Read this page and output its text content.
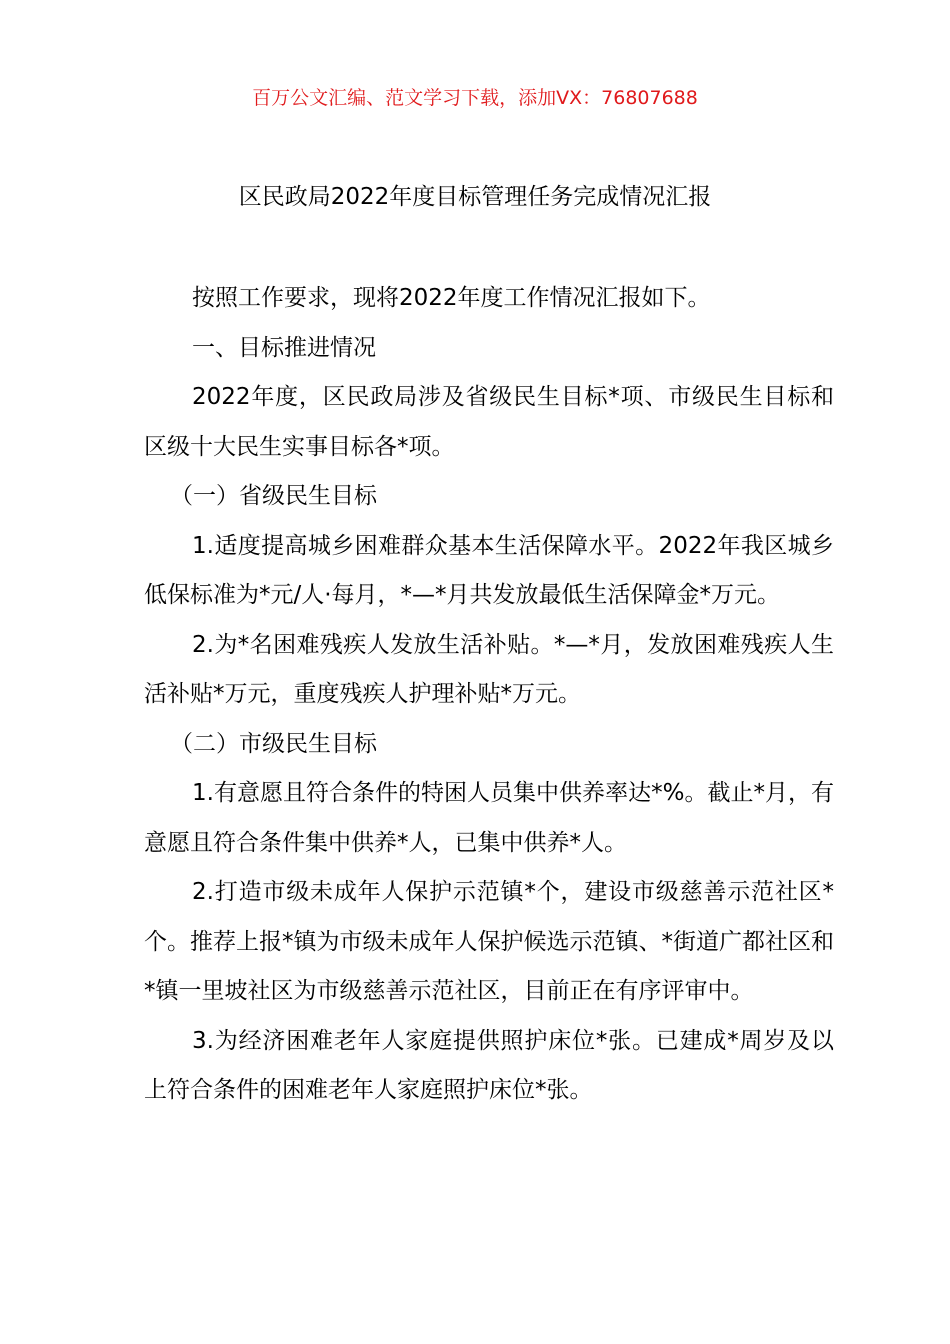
百万公文汇编、范文学习下载，添加VX：76807688
区民政局2022年度目标管理任务完成情况汇报

按照工作要求，现将2022年度工作情况汇报如下。

一、目标推进情况

2022年度，区民政局涉及省级民生目标*项、市级民生目标和区级十大民生实事目标各*项。

（一）省级民生目标

1.适度提高城乡困难群众基本生活保障水平。2022年我区城乡低保标准为*元/人·每月，*—*月共发放最低生活保障金*万元。

2.为*名困难残疾人发放生活补贴。*—*月，发放困难残疾人生活补贴*万元，重度残疾人护理补贴*万元。

（二）市级民生目标

1.有意愿且符合条件的特困人员集中供养率达*%。截止*月，有意愿且符合条件集中供养*人，已集中供养*人。

2.打造市级未成年人保护示范镇*个，建设市级慈善示范社区*个。推荐上报*镇为市级未成年人保护候选示范镇、*街道广都社区和*镇一里坡社区为市级慈善示范社区，目前正在有序评审中。

3.为经济困难老年人家庭提供照护床位*张。已建成*周岁及以上符合条件的困难老年人家庭照护床位*张。
